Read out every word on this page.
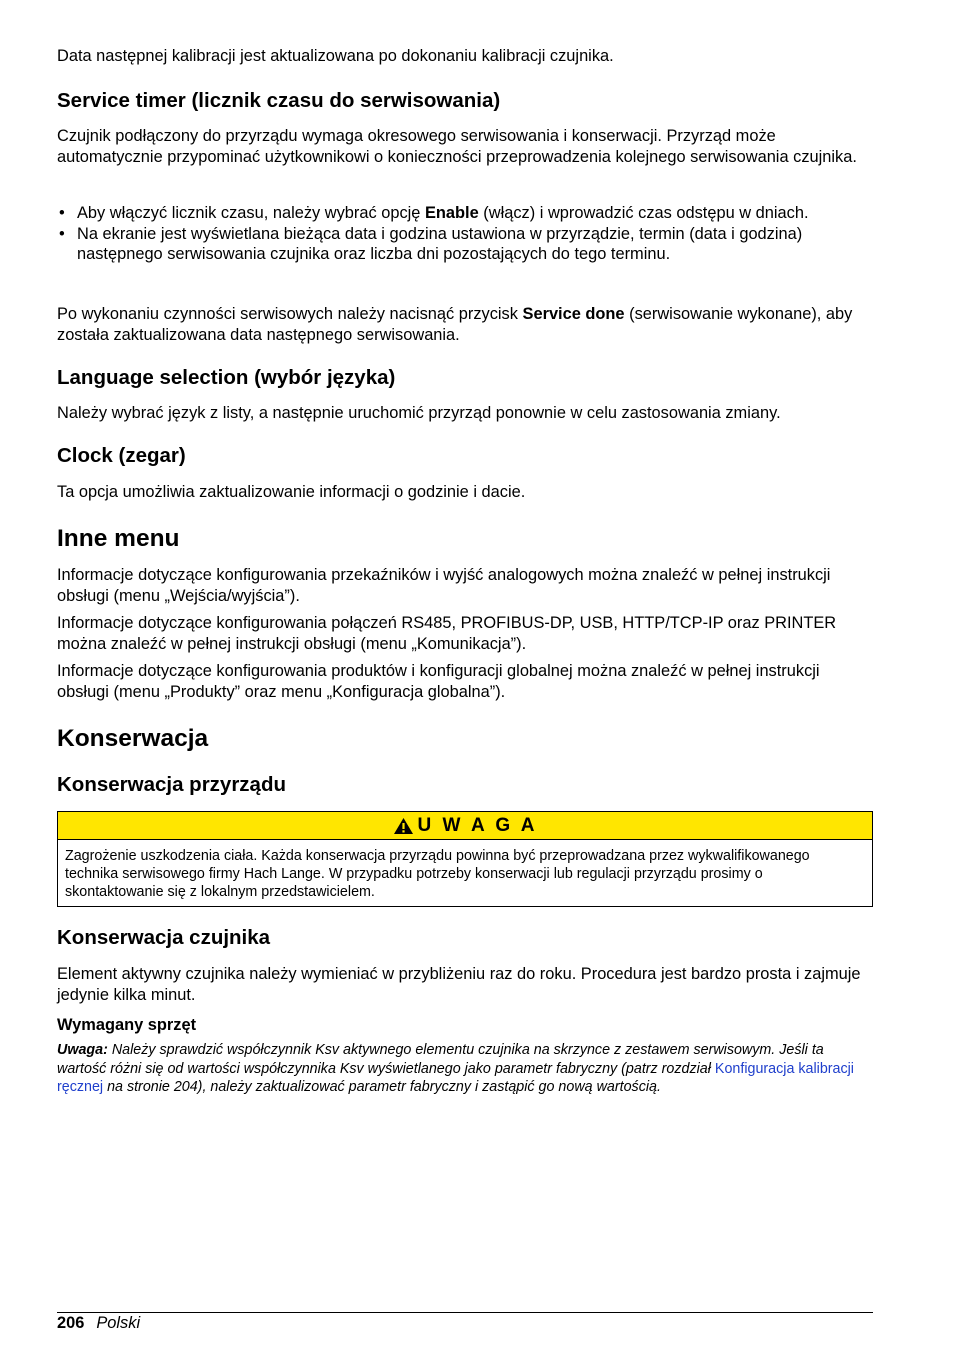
Data następnej kalibracji jest aktualizowana po dokonaniu kalibracji czujnika.

Service timer (licznik czasu do serwisowania)

Czujnik podłączony do przyrządu wymaga okresowego serwisowania i konserwacji. Przyrząd może automatycznie przypominać użytkownikowi o konieczności przeprowadzenia kolejnego serwisowania czujnika.

• Aby włączyć licznik czasu, należy wybrać opcję Enable (włącz) i wprowadzić czas odstępu w dniach.
• Na ekranie jest wyświetlana bieżąca data i godzina ustawiona w przyrządzie, termin (data i godzina) następnego serwisowania czujnika oraz liczba dni pozostających do tego terminu.

Po wykonaniu czynności serwisowych należy nacisnąć przycisk Service done (serwisowanie wykonane), aby została zaktualizowana data następnego serwisowania.

Language selection (wybór języka)

Należy wybrać język z listy, a następnie uruchomić przyrząd ponownie w celu zastosowania zmiany.

Clock (zegar)

Ta opcja umożliwia zaktualizowanie informacji o godzinie i dacie.

Inne menu

Informacje dotyczące konfigurowania przekaźników i wyjść analogowych można znaleźć w pełnej instrukcji obsługi (menu „Wejścia/wyjścia”).

Informacje dotyczące konfigurowania połączeń RS485, PROFIBUS-DP, USB, HTTP/TCP-IP oraz PRINTER można znaleźć w pełnej instrukcji obsługi (menu „Komunikacja”).

Informacje dotyczące konfigurowania produktów i konfiguracji globalnej można znaleźć w pełnej instrukcji obsługi (menu „Produkty” oraz menu „Konfiguracja globalna”).

Konserwacja
Konserwacja przyrządu
U W A G A
Zagrożenie uszkodzenia ciała. Każda konserwacja przyrządu powinna być przeprowadzana przez wykwalifikowanego technika serwisowego firmy Hach Lange. W przypadku potrzeby konserwacji lub regulacji przyrządu prosimy o skontaktowanie się z lokalnym przedstawicielem.
Konserwacja czujnika

Element aktywny czujnika należy wymieniać w przybliżeniu raz do roku. Procedura jest bardzo prosta i zajmuje jedynie kilka minut.

Wymagany sprzęt

Uwaga: Należy sprawdzić współczynnik Ksv aktywnego elementu czujnika na skrzynce z zestawem serwisowym. Jeśli ta wartość różni się od wartości współczynnika Ksv wyświetlanego jako parametr fabryczny (patrz rozdział Konfiguracja kalibracji ręcznej na stronie 204), należy zaktualizować parametr fabryczny i zastąpić go nową wartością.

206 Polski
